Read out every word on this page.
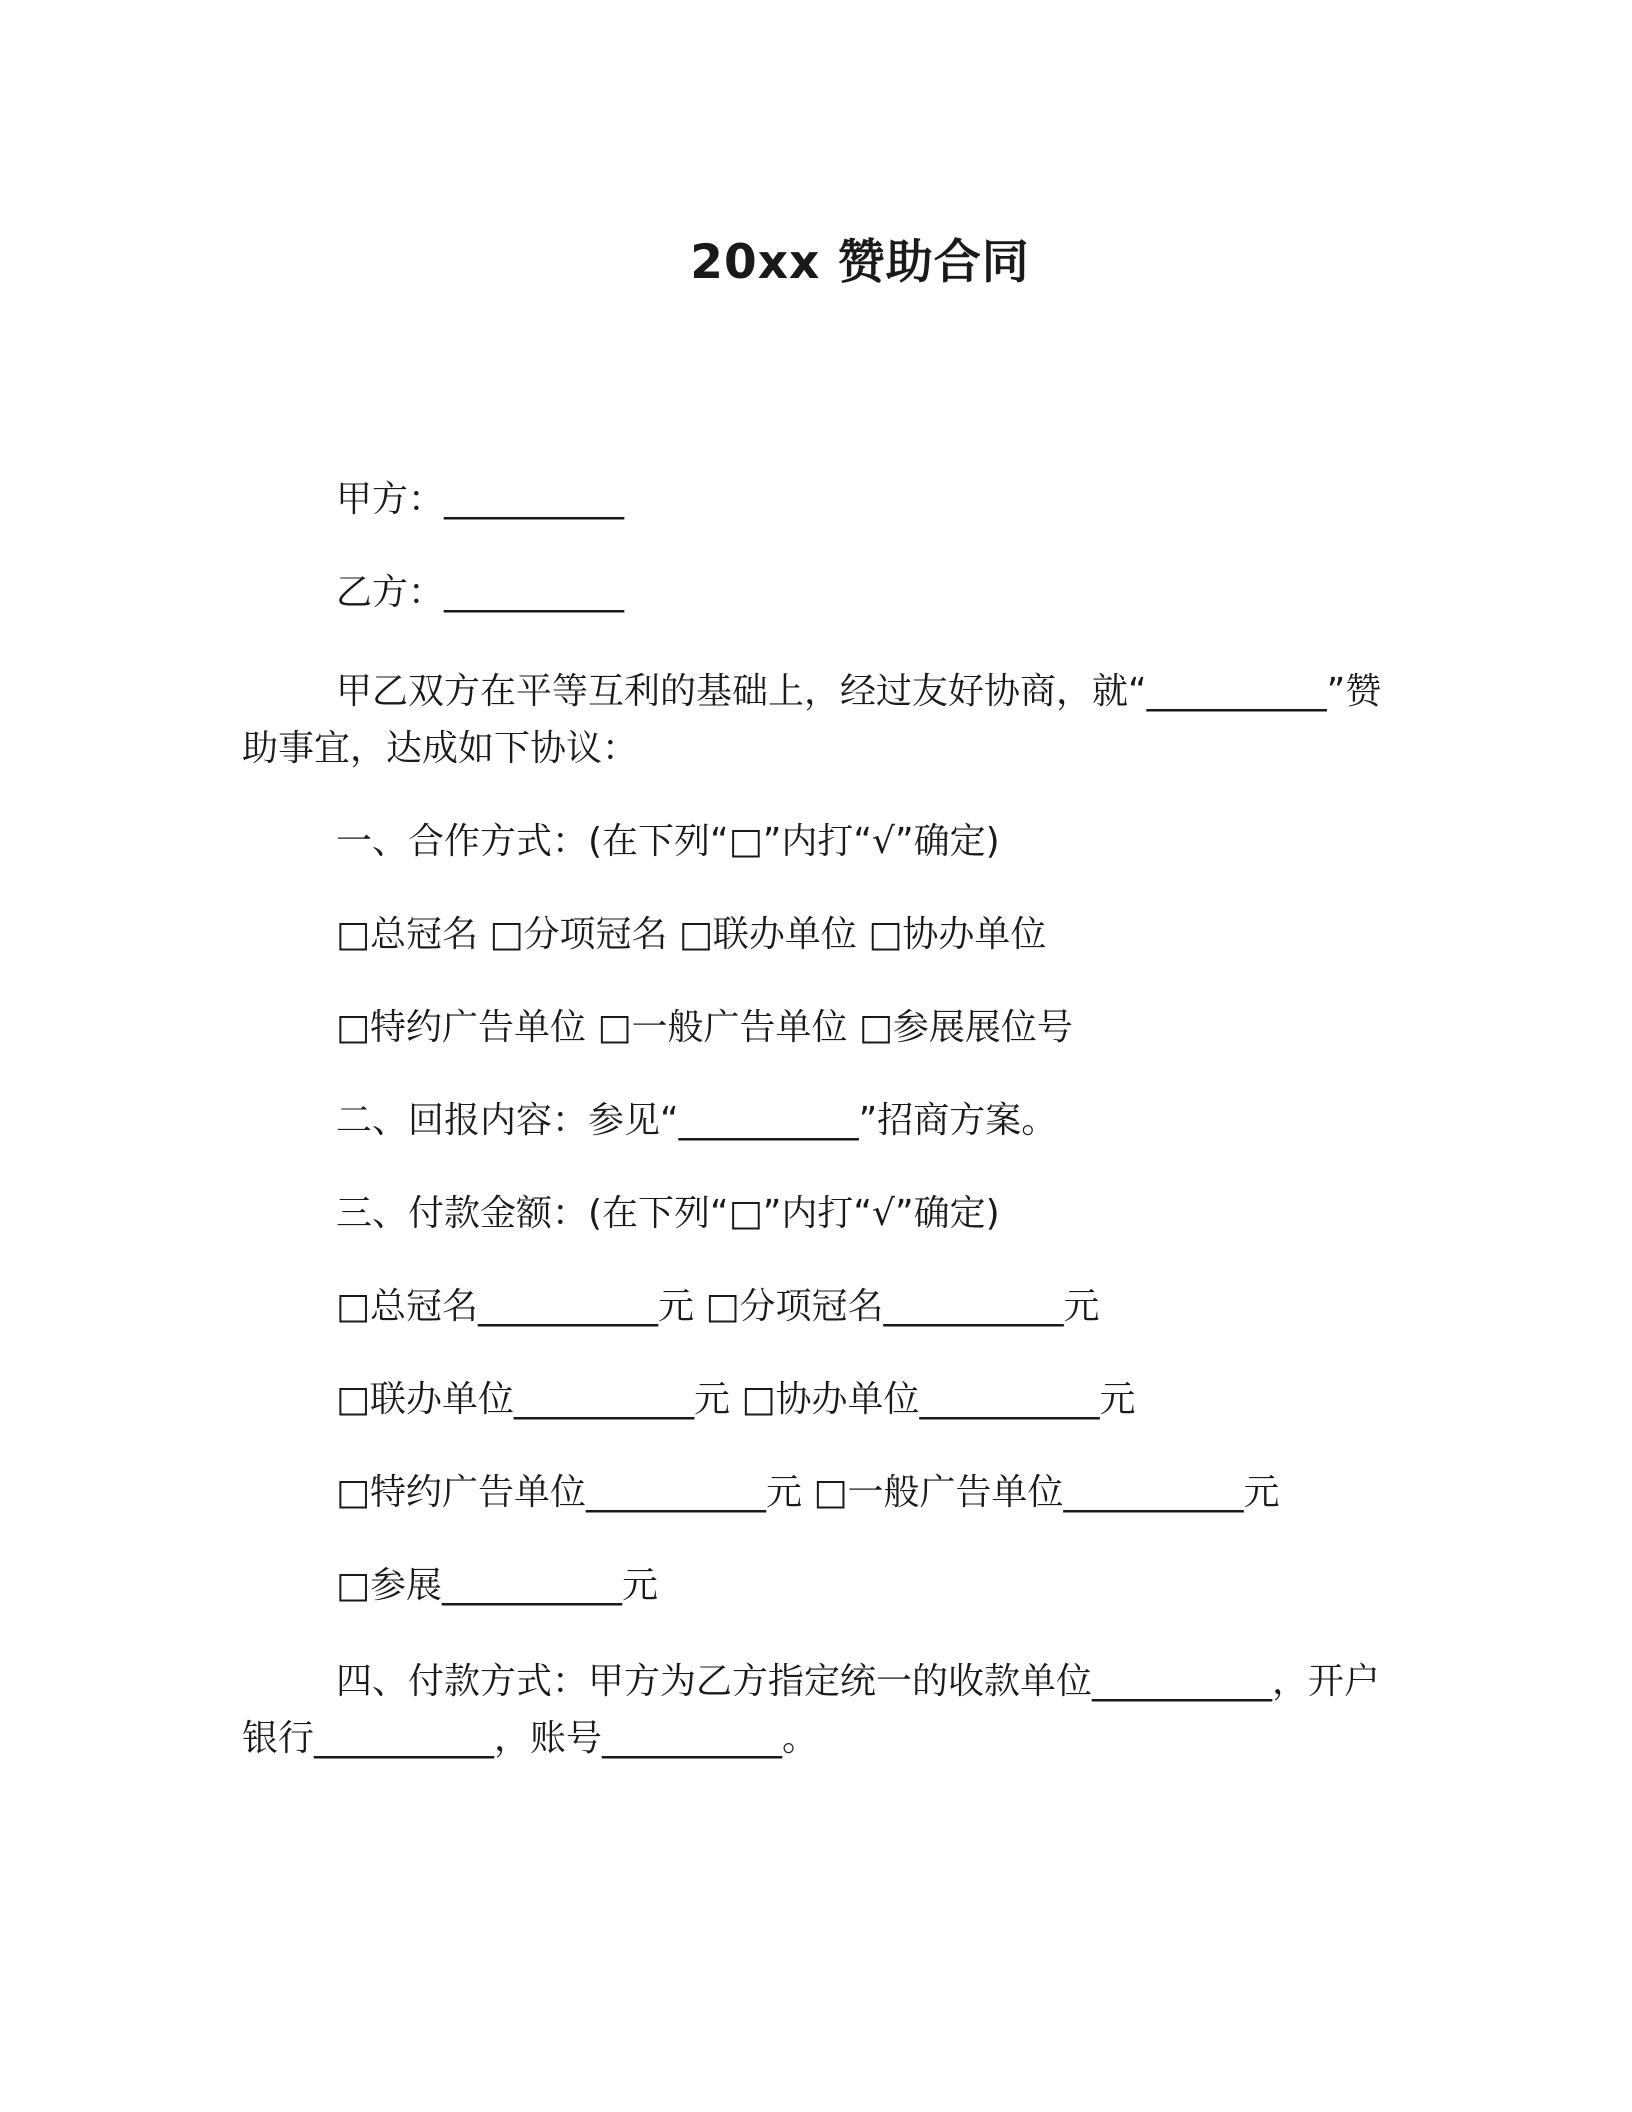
20xx 赞助合同
甲方：__________
乙方：__________
甲乙双方在平等互利的基础上，经过友好协商，就“__________”赞助事宜，达成如下协议：
一、合作方式：(在下列“□”内打“√”确定)
□总冠名 □分项冠名 □联办单位 □协办单位
□特约广告单位 □一般广告单位 □参展展位号
二、回报内容：参见“__________”招商方案。
三、付款金额：(在下列“□”内打“√”确定)
□总冠名__________元 □分项冠名__________元
□联办单位__________元 □协办单位__________元
□特约广告单位__________元 □一般广告单位__________元
□参展__________元
四、付款方式：甲方为乙方指定统一的收款单位__________，开户银行__________，账号__________。
